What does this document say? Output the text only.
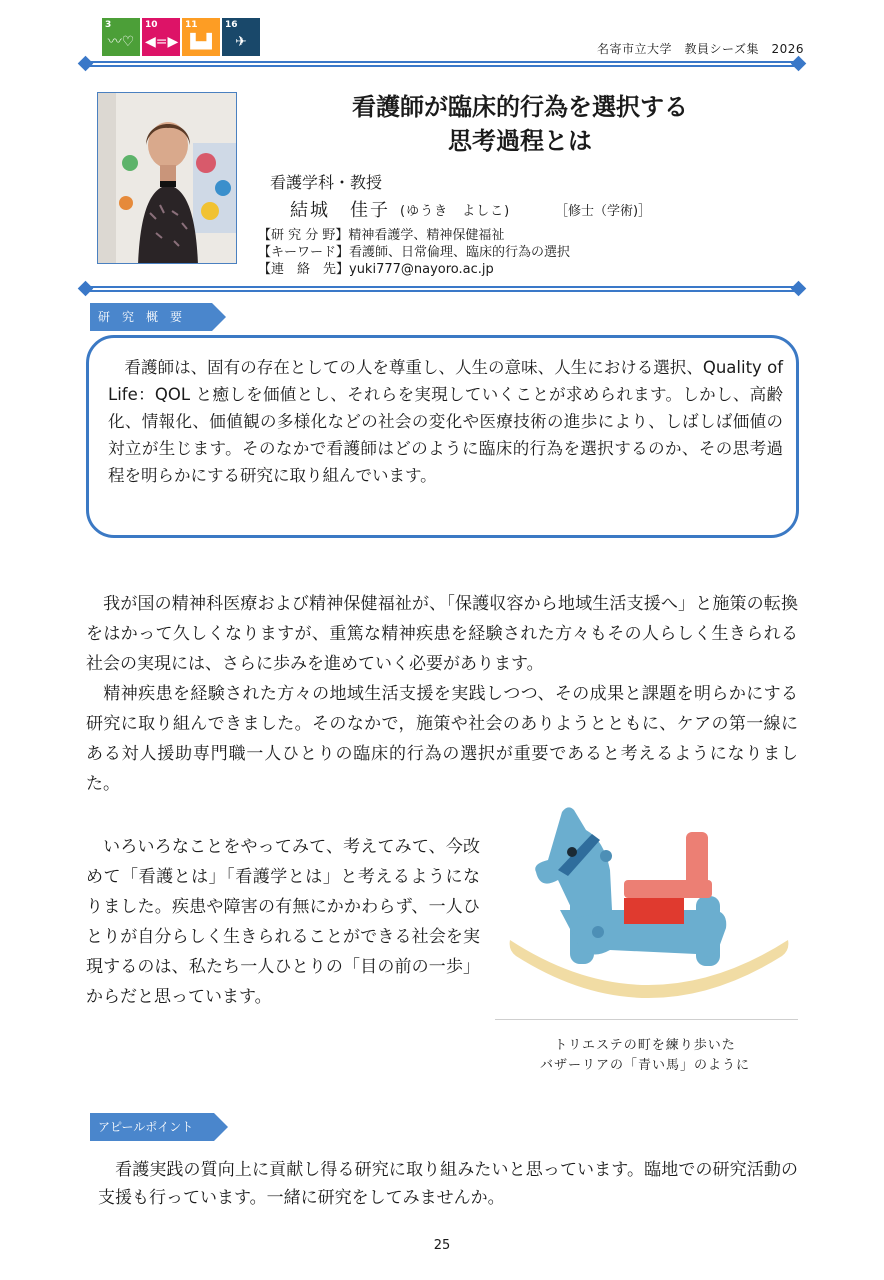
3
〰♡
10
◀=▶
11
▙▟
16
✈	名寄市立大学　教員シーズ集　2026
看護師が臨床的行為を選択する
思考過程とは
看護学科・教授
結城　佳子 (ゆうき　よしこ)	［修士（学術)］
【研 究 分 野】精神看護学、精神保健福祉
【キーワード】看護師、日常倫理、臨床的行為の選択
【連　絡　先】yuki777@nayoro.ac.jp
研　究　概　要
　看護師は、固有の存在としての人を尊重し、人生の意味、人生における選択、Quality of Life：QOL と癒しを価値とし、それらを実現していくことが求められます。しかし、高齢化、情報化、価値観の多様化などの社会の変化や医療技術の進歩により、しばしば価値の対立が生じます。そのなかで看護師はどのように臨床的行為を選択するのか、その思考過程を明らかにする研究に取り組んでいます。
　我が国の精神科医療および精神保健福祉が、「保護収容から地域生活支援へ」と施策の転換をはかって久しくなりますが、重篤な精神疾患を経験された方々もその人らしく生きられる社会の実現には、さらに歩みを進めていく必要があります。
　精神疾患を経験された方々の地域生活支援を実践しつつ、その成果と課題を明らかにする研究に取り組んできました。そのなかで，施策や社会のありようとともに、ケアの第一線にある対人援助専門職一人ひとりの臨床的行為の選択が重要であると考えるようになりました。
　いろいろなことをやってみて、考えてみて、今改めて「看護とは」「看護学とは」と考えるようになりました。疾患や障害の有無にかかわらず、一人ひとりが自分らしく生きられることができる社会を実現するのは、私たち一人ひとりの「目の前の一歩」からだと思っています。
トリエステの町を練り歩いた
バザーリアの「青い馬」のように
アピールポイント
　看護実践の質向上に貢献し得る研究に取り組みたいと思っています。臨地での研究活動の支援も行っています。一緒に研究をしてみませんか。
25
